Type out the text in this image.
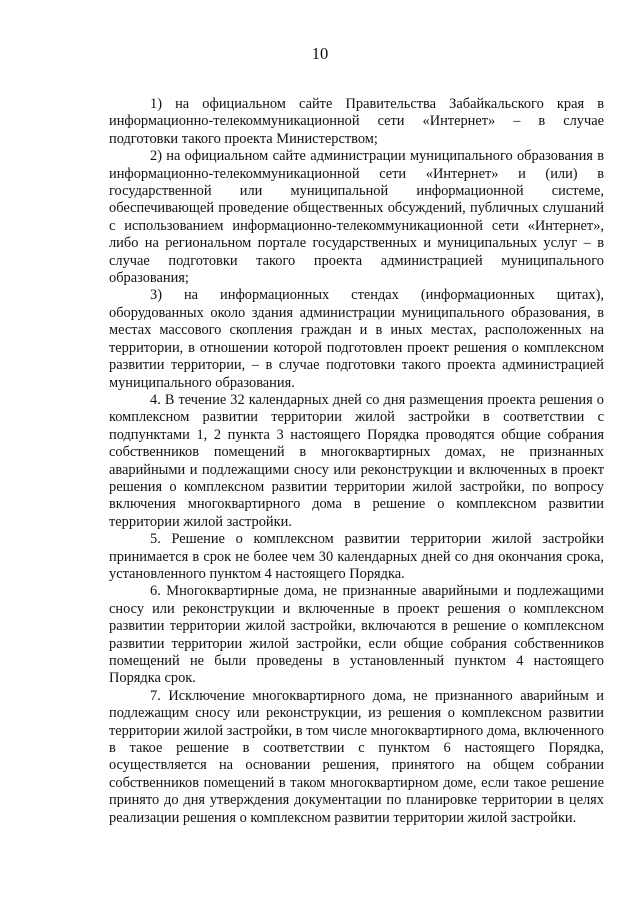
10

1) на официальном сайте Правительства Забайкальского края в информационно-телекоммуникационной сети «Интернет» – в случае подготовки такого проекта Министерством;

2) на официальном сайте администрации муниципального образования в информационно-телекоммуникационной сети «Интернет» и (или) в государственной или муниципальной информационной системе, обеспечивающей проведение общественных обсуждений, публичных слушаний с использованием информационно-телекоммуникационной сети «Интернет», либо на региональном портале государственных и муниципальных услуг – в случае подготовки такого проекта администрацией муниципального образования;

3) на информационных стендах (информационных щитах), оборудованных около здания администрации муниципального образования, в местах массового скопления граждан и в иных местах, расположенных на территории, в отношении которой подготовлен проект решения о комплексном развитии территории, – в случае подготовки такого проекта администрацией муниципального образования.

4. В течение 32 календарных дней со дня размещения проекта решения о комплексном развитии территории жилой застройки в соответствии с подпунктами 1, 2 пункта 3 настоящего Порядка проводятся общие собрания собственников помещений в многоквартирных домах, не признанных аварийными и подлежащими сносу или реконструкции и включенных в проект решения о комплексном развитии территории жилой застройки, по вопросу включения многоквартирного дома в решение о комплексном развитии территории жилой застройки.

5. Решение о комплексном развитии территории жилой застройки принимается в срок не более чем 30 календарных дней со дня окончания срока, установленного пунктом 4 настоящего Порядка.

6. Многоквартирные дома, не признанные аварийными и подлежащими сносу или реконструкции и включенные в проект решения о комплексном развитии территории жилой застройки, включаются в решение о комплексном развитии территории жилой застройки, если общие собрания собственников помещений не были проведены в установленный пунктом 4 настоящего Порядка срок.

7. Исключение многоквартирного дома, не признанного аварийным и подлежащим сносу или реконструкции, из решения о комплексном развитии территории жилой застройки, в том числе многоквартирного дома, включенного в такое решение в соответствии с пунктом 6 настоящего Порядка, осуществляется на основании решения, принятого на общем собрании собственников помещений в таком многоквартирном доме, если такое решение принято до дня утверждения документации по планировке территории в целях реализации решения о комплексном развитии территории жилой застройки.
